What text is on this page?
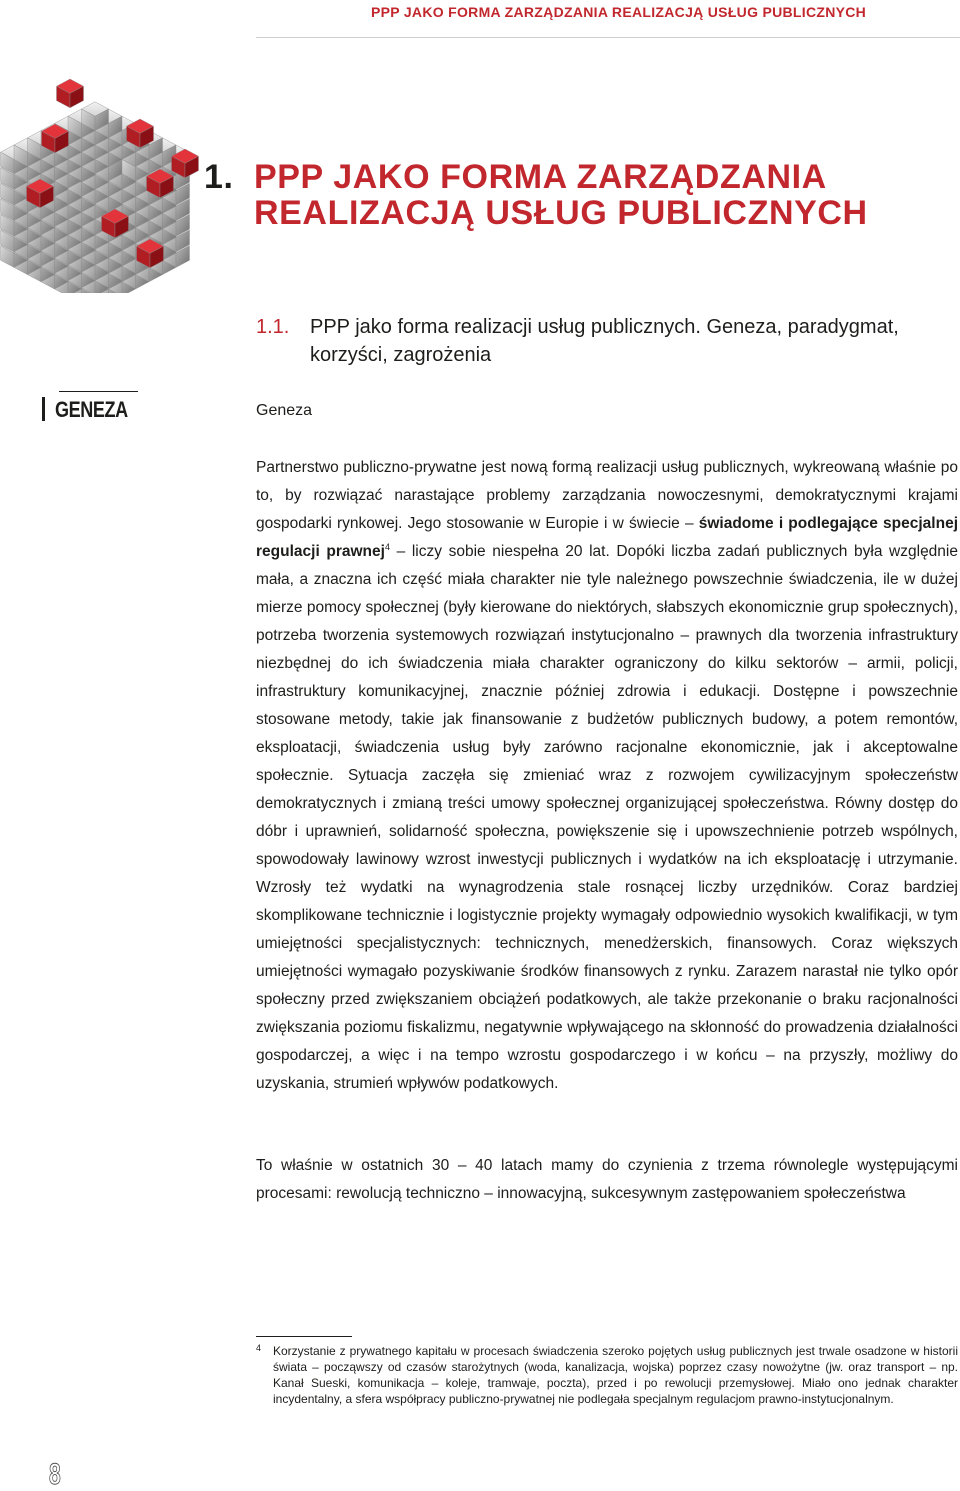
PPP JAKO FORMA ZARZĄDZANIA REALIZACJĄ USŁUG PUBLICZNYCH
1. PPP JAKO FORMA ZARZĄDZANIA
REALIZACJĄ USŁUG PUBLICZNYCH
1.1. PPP jako forma realizacji usług publicznych. Geneza, paradygmat,
korzyści, zagrożenia
GENEZA	Geneza

Partnerstwo publiczno-prywatne jest nową formą realizacji usług publicznych, wykreowaną właśnie po to, by rozwiązać narastające problemy zarządzania nowoczesnymi, demokratycznymi krajami gospodarki rynkowej. Jego stosowanie w Europie i w świecie – świadome i podlegające specjalnej regulacji prawnej$^4$ – liczy sobie niespełna 20 lat. Dopóki liczba zadań publicznych była względnie mała, a znaczna ich część miała charakter nie tyle należnego powszechnie świadczenia, ile w dużej mierze pomocy społecznej (były kierowane do niektórych, słabszych ekonomicznie grup społecznych), potrzeba tworzenia systemowych rozwiązań instytucjonalno – prawnych dla tworzenia infrastruktury niezbędnej do ich świadczenia miała charakter ograniczony do kilku sektorów – armii, policji, infrastruktury komunikacyjnej, znacznie później zdrowia i edukacji. Dostępne i powszechnie stosowane metody, takie jak finansowanie z budżetów publicznych budowy, a potem remontów, eksploatacji, świadczenia usług były zarówno racjonalne ekonomicznie, jak i akceptowalne społecznie. Sytuacja zaczęła się zmieniać wraz z rozwojem cywilizacyjnym społeczeństw demokratycznych i zmianą treści umowy społecznej organizującej społeczeństwa. Równy dostęp do dóbr i uprawnień, solidarność społeczna, powiększenie się i upowszechnienie potrzeb wspólnych, spowodowały lawinowy wzrost inwestycji publicznych i wydatków na ich eksploatację i utrzymanie. Wzrosły też wydatki na wynagrodzenia stale rosnącej liczby urzędników. Coraz bardziej skomplikowane technicznie i logistycznie projekty wymagały odpowiednio wysokich kwalifikacji, w tym umiejętności specjalistycznych: technicznych, menedżerskich, finansowych. Coraz większych umiejętności wymagało pozyskiwanie środków finansowych z rynku. Zarazem narastał nie tylko opór społeczny przed zwiększaniem obciążeń podatkowych, ale także przekonanie o braku racjonalności zwiększania poziomu fiskalizmu, negatywnie wpływającego na skłonność do prowadzenia działalności gospodarczej, a więc i na tempo wzrostu gospodarczego i w końcu – na przyszły, możliwy do uzyskania, strumień wpływów podatkowych.

To właśnie w ostatnich 30 – 40 latach mamy do czynienia z trzema równolegle występującymi procesami: rewolucją techniczno – innowacyjną, sukcesywnym zastępowaniem społeczeństwa

4 Korzystanie z prywatnego kapitału w procesach świadczenia szeroko pojętych usług publicznych jest trwale osadzone w historii świata – począwszy od czasów starożytnych (woda, kanalizacja, wojska) poprzez czasy nowożytne (jw. oraz transport – np. Kanał Sueski, komunikacja – koleje, tramwaje, poczta), przed i po rewolucji przemysłowej. Miało ono jednak charakter incydentalny, a sfera współpracy publiczno-prywatnej nie podlegała specjalnym regulacjom prawno-instytucjonalnym.
8
